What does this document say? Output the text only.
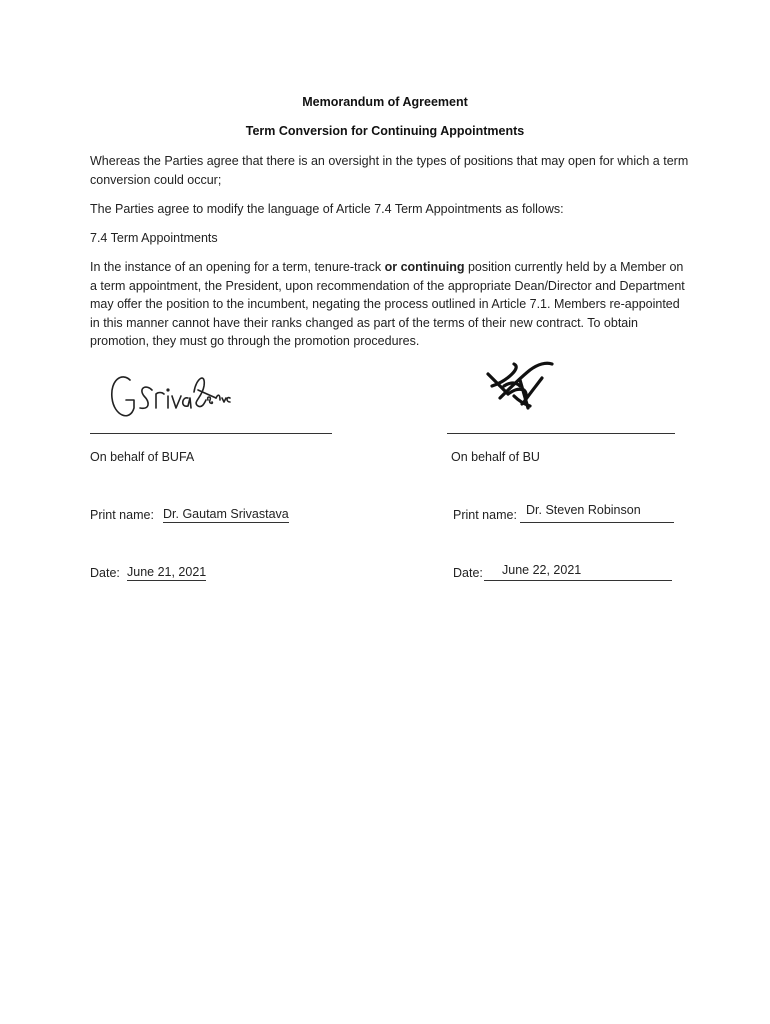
Memorandum of Agreement
Term Conversion for Continuing Appointments
Whereas the Parties agree that there is an oversight in the types of positions that may open for which a term conversion could occur;
The Parties agree to modify the language of Article 7.4 Term Appointments as follows:
7.4 Term Appointments
In the instance of an opening for a term, tenure-track or continuing position currently held by a Member on a term appointment, the President, upon recommendation of the appropriate Dean/Director and Department may offer the position to the incumbent, negating the process outlined in Article 7.1. Members re-appointed in this manner cannot have their ranks changed as part of the terms of their new contract. To obtain promotion, they must go through the promotion procedures.
On behalf of BUFA	On behalf of BU
Print name: Dr. Gautam Srivastava	Print name: Dr. Steven Robinson
Date: June 21, 2021	Date: June 22, 2021
